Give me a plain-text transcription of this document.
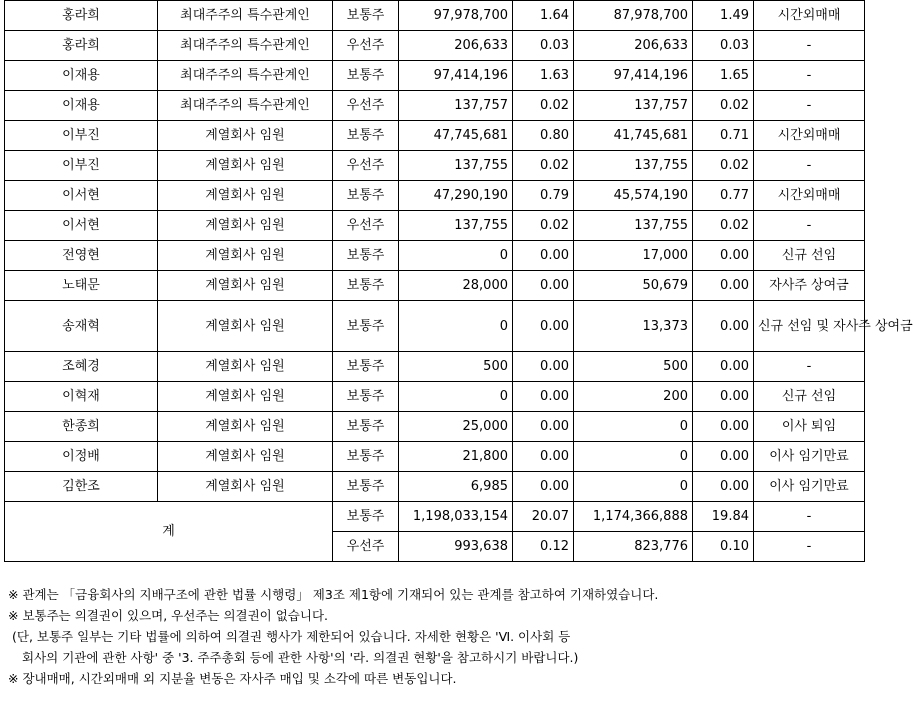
홍라희	최대주주의 특수관계인	보통주	97,978,700	1.64	87,978,700	1.49	시간외매매
홍라희	최대주주의 특수관계인	우선주	206,633	0.03	206,633	0.03	-
이재용	최대주주의 특수관계인	보통주	97,414,196	1.63	97,414,196	1.65	-
이재용	최대주주의 특수관계인	우선주	137,757	0.02	137,757	0.02	-
이부진	계열회사 임원	보통주	47,745,681	0.80	41,745,681	0.71	시간외매매
이부진	계열회사 임원	우선주	137,755	0.02	137,755	0.02	-
이서현	계열회사 임원	보통주	47,290,190	0.79	45,574,190	0.77	시간외매매
이서현	계열회사 임원	우선주	137,755	0.02	137,755	0.02	-
전영현	계열회사 임원	보통주	0	0.00	17,000	0.00	신규 선임
노태문	계열회사 임원	보통주	28,000	0.00	50,679	0.00	자사주 상여금
송재혁	계열회사 임원	보통주	0	0.00	13,373	0.00	신규 선임 및 자사주 상여금
조혜경	계열회사 임원	보통주	500	0.00	500	0.00	-
이혁재	계열회사 임원	보통주	0	0.00	200	0.00	신규 선임
한종희	계열회사 임원	보통주	25,000	0.00	0	0.00	이사 퇴임
이정배	계열회사 임원	보통주	21,800	0.00	0	0.00	이사 임기만료
김한조	계열회사 임원	보통주	6,985	0.00	0	0.00	이사 임기만료
계		보통주	1,198,033,154	20.07	1,174,366,888	19.84	-
		우선주	993,638	0.12	823,776	0.10	-
※ 관계는 「금융회사의 지배구조에 관한 법률 시행령」 제3조 제1항에 기재되어 있는 관계를 참고하여 기재하였습니다.
※ 보통주는 의결권이 있으며, 우선주는 의결권이 없습니다.
(단, 보통주 일부는 기타 법률에 의하여 의결권 행사가 제한되어 있습니다. 자세한 현황은 'Ⅵ. 이사회 등
회사의 기관에 관한 사항' 중 '3. 주주총회 등에 관한 사항'의 '라. 의결권 현황'을 참고하시기 바랍니다.)
※ 장내매매, 시간외매매 외 지분율 변동은 자사주 매입 및 소각에 따른 변동입니다.
